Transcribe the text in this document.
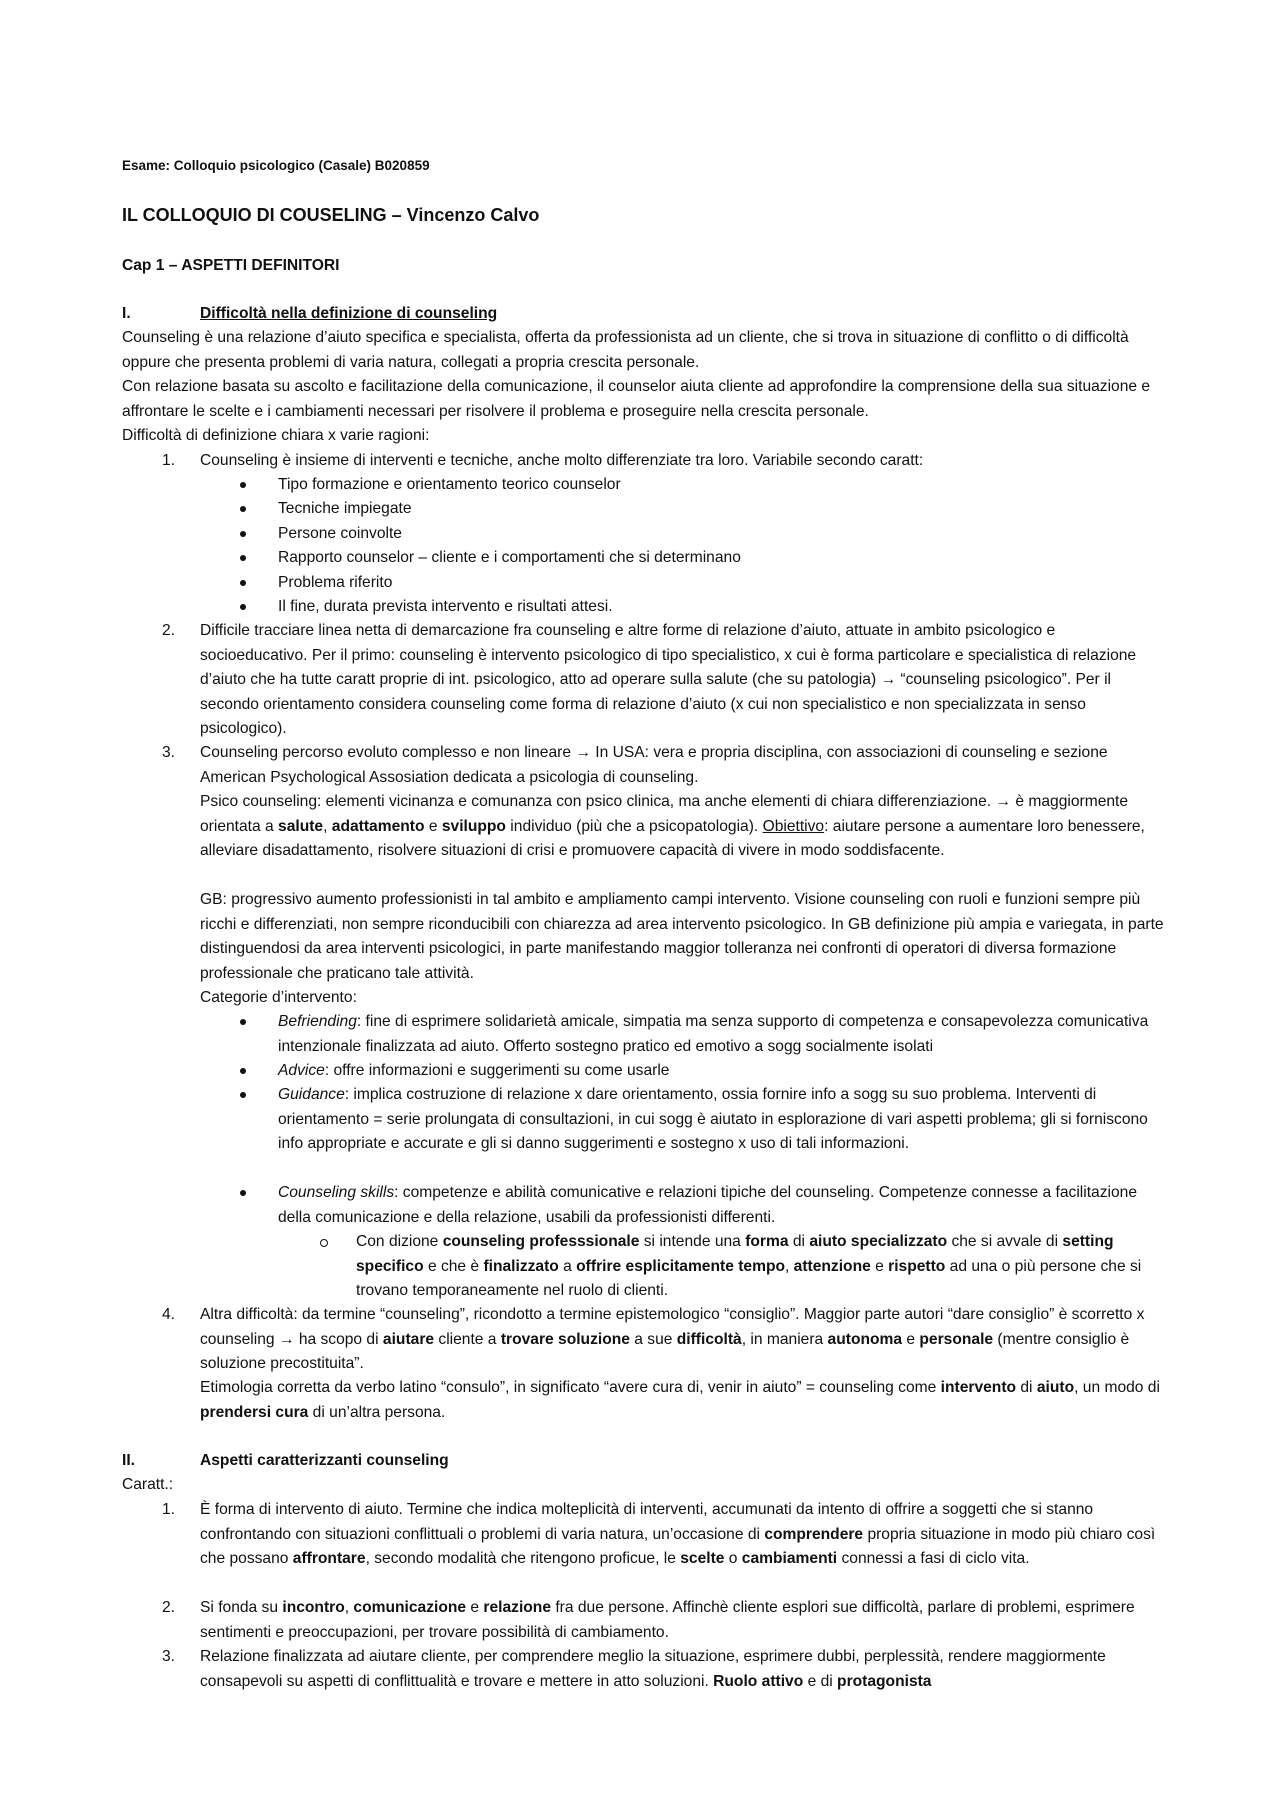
Esame: Colloquio psicologico (Casale) B020859

IL COLLOQUIO DI COUSELING – Vincenzo Calvo

Cap 1 – ASPETTI DEFINITORI

I.	Difficoltà nella definizione di counseling

Counseling è una relazione d’aiuto specifica e specialista, offerta da professionista ad un cliente, che si trova in situazione di conflitto o di difficoltà oppure che presenta problemi di varia natura, collegati a propria crescita personale.

Con relazione basata su ascolto e facilitazione della comunicazione, il counselor aiuta cliente ad approfondire la comprensione della sua situazione e affrontare le scelte e i cambiamenti necessari per risolvere il problema e proseguire nella crescita personale.

Difficoltà di definizione chiara x varie ragioni:

1.	Counseling è insieme di interventi e tecniche, anche molto differenziate tra loro. Variabile secondo caratt:

Tipo formazione e orientamento teorico counselor

Tecniche impiegate

Persone coinvolte

Rapporto counselor – cliente e i comportamenti che si determinano

Problema riferito

Il fine, durata prevista intervento e risultati attesi.

2.	Difficile tracciare linea netta di demarcazione fra counseling e altre forme di relazione d’aiuto, attuate in ambito psicologico e socioeducativo. Per il primo: counseling è intervento psicologico di tipo specialistico, x cui è forma particolare e specialistica di relazione d’aiuto che ha tutte caratt proprie di int. psicologico, atto ad operare sulla salute (che su patologia) → “counseling psicologico”. Per il secondo orientamento considera counseling come forma di relazione d’aiuto (x cui non specialistico e non specializzata in senso psicologico).

3.	Counseling percorso evoluto complesso e non lineare → In USA: vera e propria disciplina, con associazioni di counseling e sezione American Psychological Assosiation dedicata a psicologia di counseling.

Psico counseling: elementi vicinanza e comunanza con psico clinica, ma anche elementi di chiara differenziazione. → è maggiormente orientata a salute, adattamento e sviluppo individuo (più che a psicopatologia). Obiettivo: aiutare persone a aumentare loro benessere, alleviare disadattamento, risolvere situazioni di crisi e promuovere capacità di vivere in modo soddisfacente.

GB: progressivo aumento professionisti in tal ambito e ampliamento campi intervento. Visione counseling con ruoli e funzioni sempre più ricchi e differenziati, non sempre riconducibili con chiarezza ad area intervento psicologico. In GB definizione più ampia e variegata, in parte distinguendosi da area interventi psicologici, in parte manifestando maggior tolleranza nei confronti di operatori di diversa formazione professionale che praticano tale attività.

Categorie d’intervento:

Befriending: fine di esprimere solidarietà amicale, simpatia ma senza supporto di competenza e consapevolezza comunicativa intenzionale finalizzata ad aiuto. Offerto sostegno pratico ed emotivo a sogg socialmente isolati

Advice: offre informazioni e suggerimenti su come usarle

Guidance: implica costruzione di relazione x dare orientamento, ossia fornire info a sogg su suo problema. Interventi di orientamento = serie prolungata di consultazioni, in cui sogg è aiutato in esplorazione di vari aspetti problema; gli si forniscono info appropriate e accurate e gli si danno suggerimenti e sostegno x uso di tali informazioni.

Counseling skills: competenze e abilità comunicative e relazioni tipiche del counseling. Competenze connesse a facilitazione della comunicazione e della relazione, usabili da professionisti differenti.

Con dizione counseling professsionale si intende una forma di aiuto specializzato che si avvale di setting specifico e che è finalizzato a offrire esplicitamente tempo, attenzione e rispetto ad una o più persone che si trovano temporaneamente nel ruolo di clienti.

4.	Altra difficoltà: da termine “counseling”, ricondotto a termine epistemologico “consiglio”. Maggior parte autori “dare consiglio” è scorretto x counseling → ha scopo di aiutare cliente a trovare soluzione a sue difficoltà, in maniera autonoma e personale (mentre consiglio è soluzione precostituita”.

Etimologia corretta da verbo latino “consulo”, in significato “avere cura di, venir in aiuto” = counseling come intervento di aiuto, un modo di prendersi cura di un’altra persona.

II.	Aspetti caratterizzanti counseling

Caratt.:

1.	È forma di intervento di aiuto. Termine che indica molteplicità di interventi, accumunati da intento di offrire a soggetti che si stanno confrontando con situazioni conflittuali o problemi di varia natura, un’occasione di comprendere propria situazione in modo più chiaro così che possano affrontare, secondo modalità che ritengono proficue, le scelte o cambiamenti connessi a fasi di ciclo vita.

2.	Si fonda su incontro, comunicazione e relazione fra due persone. Affinchè cliente esplori sue difficoltà, parlare di problemi, esprimere sentimenti e preoccupazioni, per trovare possibilità di cambiamento.

3.	Relazione finalizzata ad aiutare cliente, per comprendere meglio la situazione, esprimere dubbi, perplessità, rendere maggiormente consapevoli su aspetti di conflittualità e trovare e mettere in atto soluzioni. Ruolo attivo e di protagonista
